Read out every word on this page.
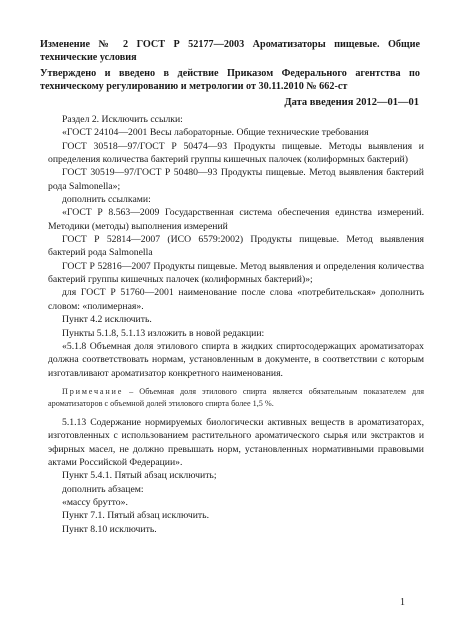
Изменение № 2 ГОСТ Р 52177—2003 Ароматизаторы пищевые. Общие технические условия
Утверждено и введено в действие Приказом Федерального агентства по техническому регулированию и метрологии от 30.11.2010 № 662-ст
Дата введения 2012—01—01

Раздел 2. Исключить ссылки:

«ГОСТ 24104—2001 Весы лабораторные. Общие технические требования

ГОСТ 30518—97/ГОСТ Р 50474—93 Продукты пищевые. Методы выявления и определения количества бактерий группы кишечных палочек (колиформных бактерий)

ГОСТ 30519—97/ГОСТ Р 50480—93 Продукты пищевые. Метод выявления бактерий рода Salmonella»;

дополнить ссылками:

«ГОСТ Р 8.563—2009 Государственная система обеспечения единства измерений. Методики (методы) выполнения измерений

ГОСТ Р 52814—2007 (ИСО 6579:2002) Продукты пищевые. Метод выявления бактерий рода Salmonella

ГОСТ Р 52816—2007 Продукты пищевые. Метод выявления и определения количества бактерий группы кишечных палочек (колиформных бактерий)»;

для ГОСТ Р 51760—2001 наименование после слова «потребительская» дополнить словом: «полимерная».

Пункт 4.2 исключить.

Пункты 5.1.8, 5.1.13 изложить в новой редакции:

«5.1.8 Объемная доля этилового спирта в жидких спиртосодержащих ароматизаторах должна соответствовать нормам, установленным в документе, в соответствии с которым изготавливают ароматизатор конкретного наименования.

Примечание – Объемная доля этилового спирта является обязательным показателем для ароматизаторов с объемной долей этилового спирта более 1,5 %.

5.1.13 Содержание нормируемых биологически активных веществ в ароматизаторах, изготовленных с использованием растительного ароматического сырья или экстрактов и эфирных масел, не должно превышать норм, установленных нормативными правовыми актами Российской Федерации».

Пункт 5.4.1. Пятый абзац исключить;

дополнить абзацем:

«массу брутто».

Пункт 7.1. Пятый абзац исключить.

Пункт 8.10 исключить.

1
